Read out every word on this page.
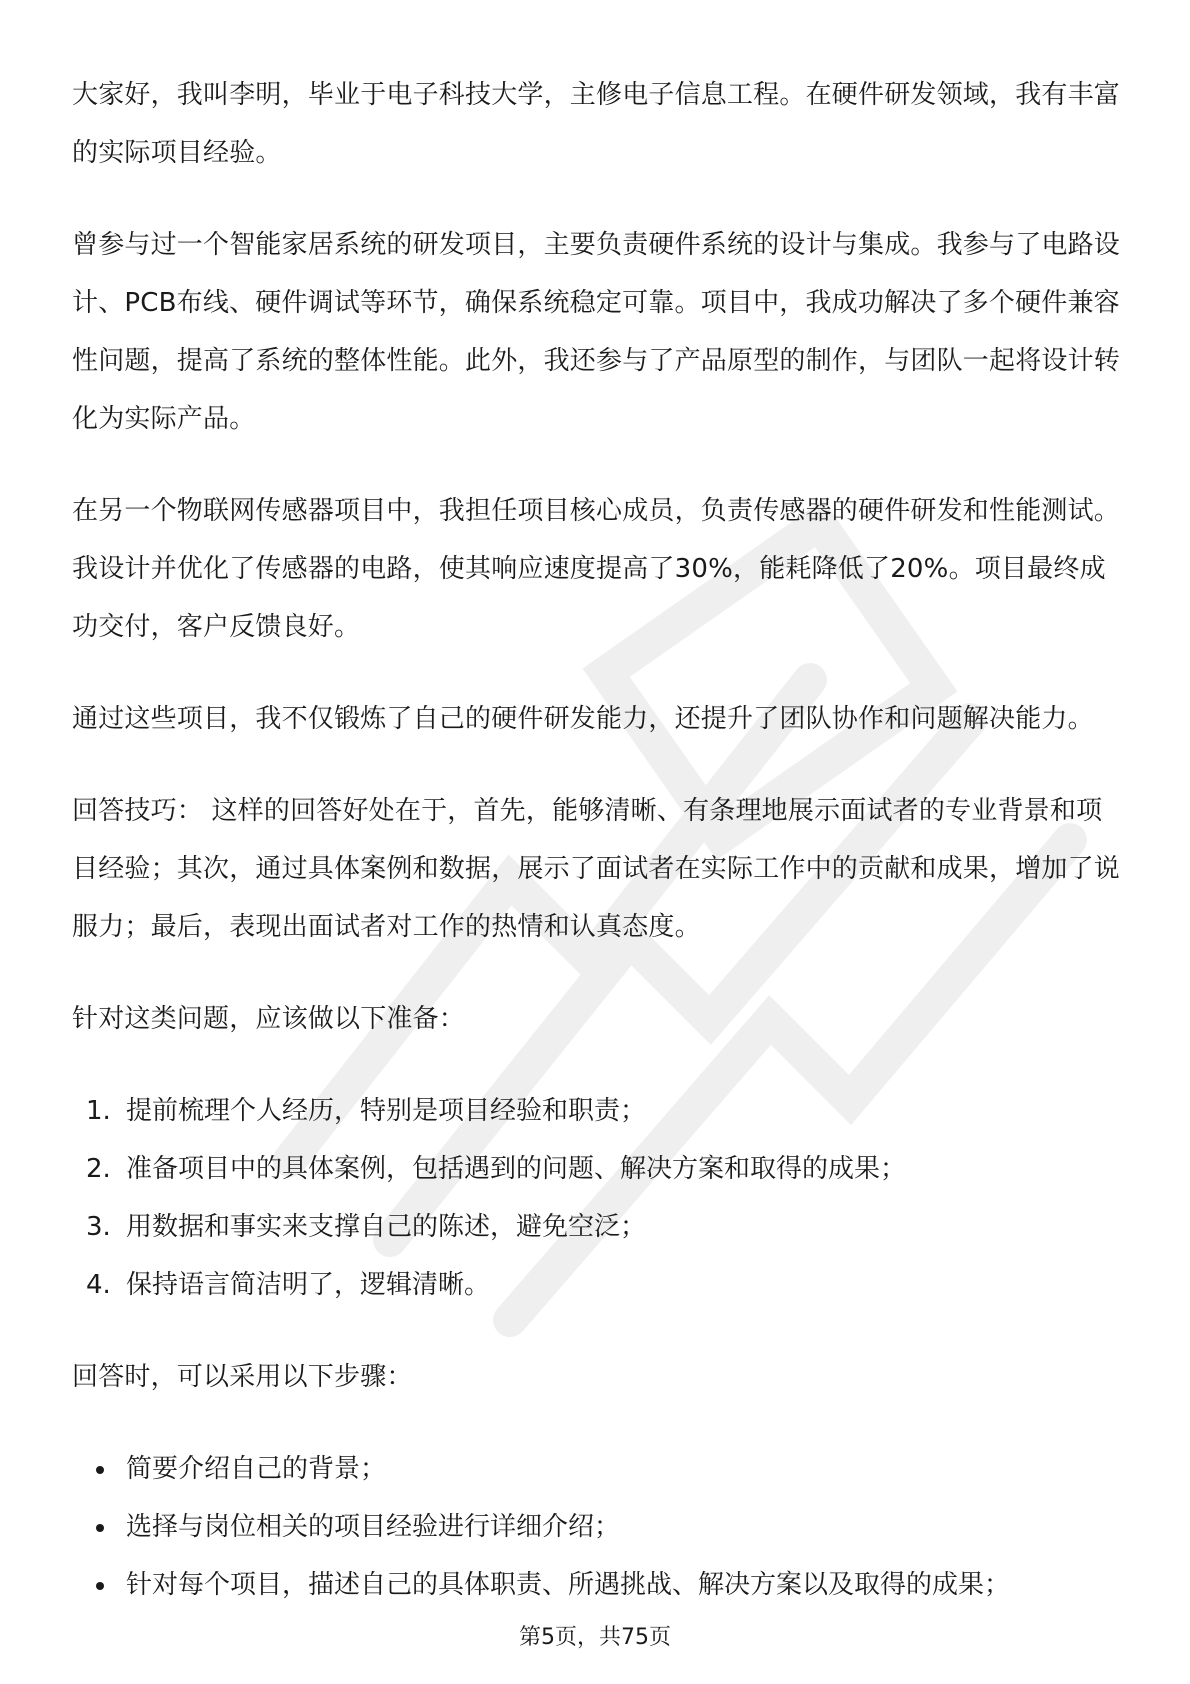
大家好，我叫李明，毕业于电子科技大学，主修电子信息工程。在硬件研发领域，我有丰富的实际项目经验。

曾参与过一个智能家居系统的研发项目，主要负责硬件系统的设计与集成。我参与了电路设计、PCB布线、硬件调试等环节，确保系统稳定可靠。项目中，我成功解决了多个硬件兼容性问题，提高了系统的整体性能。此外，我还参与了产品原型的制作，与团队一起将设计转化为实际产品。

在另一个物联网传感器项目中，我担任项目核心成员，负责传感器的硬件研发和性能测试。我设计并优化了传感器的电路，使其响应速度提高了30%，能耗降低了20%。项目最终成功交付，客户反馈良好。

通过这些项目，我不仅锻炼了自己的硬件研发能力，还提升了团队协作和问题解决能力。

回答技巧： 这样的回答好处在于，首先，能够清晰、有条理地展示面试者的专业背景和项目经验；其次，通过具体案例和数据，展示了面试者在实际工作中的贡献和成果，增加了说服力；最后，表现出面试者对工作的热情和认真态度。

针对这类问题，应该做以下准备：

1. 提前梳理个人经历，特别是项目经验和职责；
2. 准备项目中的具体案例，包括遇到的问题、解决方案和取得的成果；
3. 用数据和事实来支撑自己的陈述，避免空泛；
4. 保持语言简洁明了，逻辑清晰。

回答时，可以采用以下步骤：

简要介绍自己的背景；
选择与岗位相关的项目经验进行详细介绍；
针对每个项目，描述自己的具体职责、所遇挑战、解决方案以及取得的成果；
第5页，共75页
